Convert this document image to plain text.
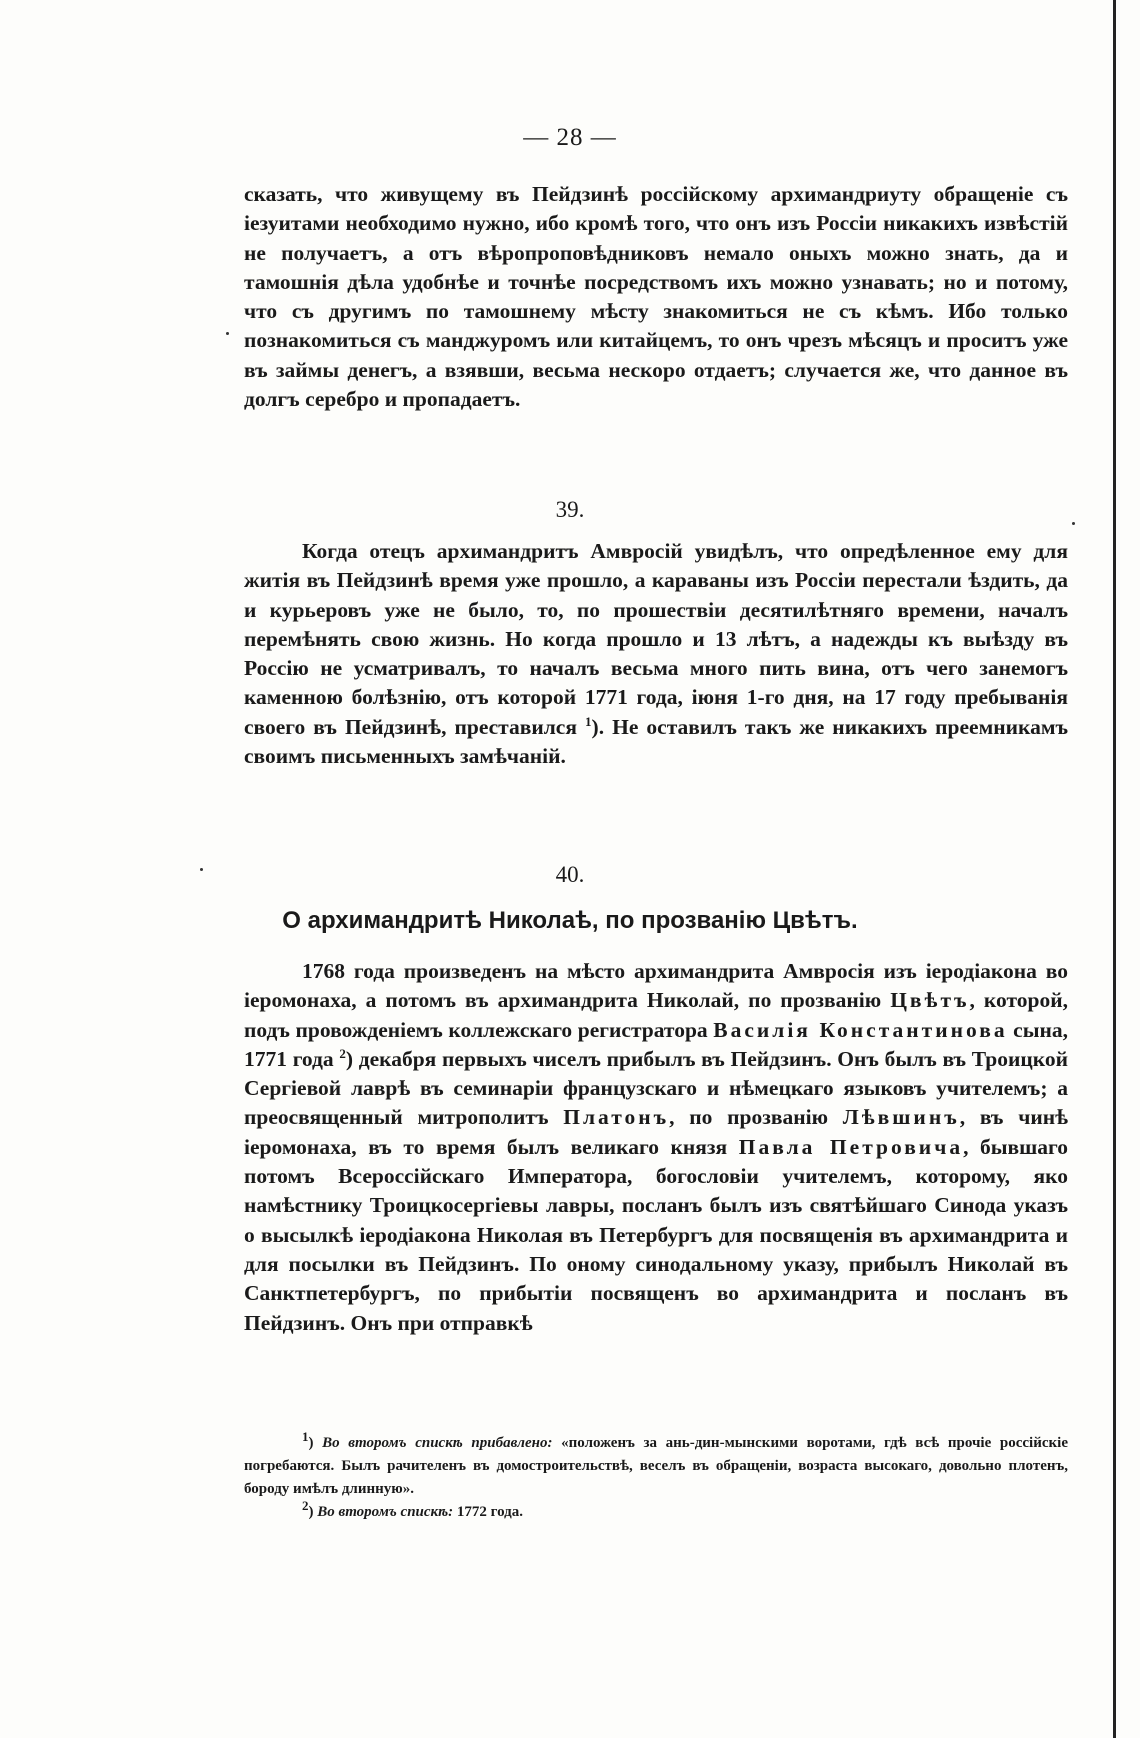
— 28 —

сказать, что живущему въ Пейдзинѣ россійскому архимандриуту обращеніе съ іезуитами необходимо нужно, ибо кромѣ того, что онъ изъ Россіи никакихъ извѣстій не получаетъ, а отъ вѣропроповѣдниковъ немало оныхъ можно знать, да и тамошнія дѣла удобнѣе и точнѣе посредствомъ ихъ можно узнавать; но и потому, что съ другимъ по тамошнему мѣсту знакомиться не съ кѣмъ. Ибо только познакомиться съ манджуромъ или китайцемъ, то онъ чрезъ мѣсяцъ и проситъ уже въ займы денегъ, а взявши, весьма нескоро отдаетъ; случается же, что данное въ долгъ серебро и пропадаетъ.

39.

Когда отецъ архимандритъ Амвросій увидѣлъ, что опредѣленное ему для житія въ Пейдзинѣ время уже прошло, а караваны изъ Россіи перестали ѣздить, да и курьеровъ уже не было, то, по прошествіи десятилѣтняго времени, началъ перемѣнять свою жизнь. Но когда прошло и 13 лѣтъ, а надежды къ выѣзду въ Россію не усматривалъ, то началъ весьма много пить вина, отъ чего занемогъ каменною болѣзнію, отъ которой 1771 года, іюня 1-го дня, на 17 году пребыванія своего въ Пейдзинѣ, преставился $^1$). Не оставилъ такъ же никакихъ преемникамъ своимъ письменныхъ замѣчаній.

40.
О архимандритѣ Николаѣ, по прозванію Цвѣтъ.

1768 года произведенъ на мѣсто архимандрита Амвросія изъ іеродіакона во іеромонаха, а потомъ въ архимандрита Николай, по прозванію Цвѣтъ, которой, подъ провожденіемъ коллежскаго регистратора Василія Константинова сына, 1771 года $^2$) декабря первыхъ чиселъ прибылъ въ Пейдзинъ. Онъ былъ въ Троицкой Сергіевой лаврѣ въ семинаріи французскаго и нѣмецкаго языковъ учителемъ; а преосвященный митрополитъ Платонъ, по прозванію Лѣвшинъ, въ чинѣ іеромонаха, въ то время былъ великаго князя Павла Петровича, бывшаго потомъ Всероссійскаго Императора, богословіи учителемъ, которому, яко намѣстнику Троицкосергіевы лавры, посланъ былъ изъ святѣйшаго Синода указъ о высылкѣ іеродіакона Николая въ Петербургъ для посвященія въ архимандрита и для посылки въ Пейдзинъ. По оному синодальному указу, прибылъ Николай въ Санктпетербургъ, по прибытіи посвященъ во архимандрита и посланъ въ Пейдзинъ. Онъ при отправкѣ

$^1$) Во второмъ спискѣ прибавлено: «положенъ за ань-дин-мынскими воротами, гдѣ всѣ прочіе россійскіе погребаются. Былъ рачителенъ въ домостроительствѣ, веселъ въ обращеніи, возраста высокаго, довольно плотенъ, бороду имѣлъ длинную».

$^2$) Во второмъ спискѣ: 1772 года.
